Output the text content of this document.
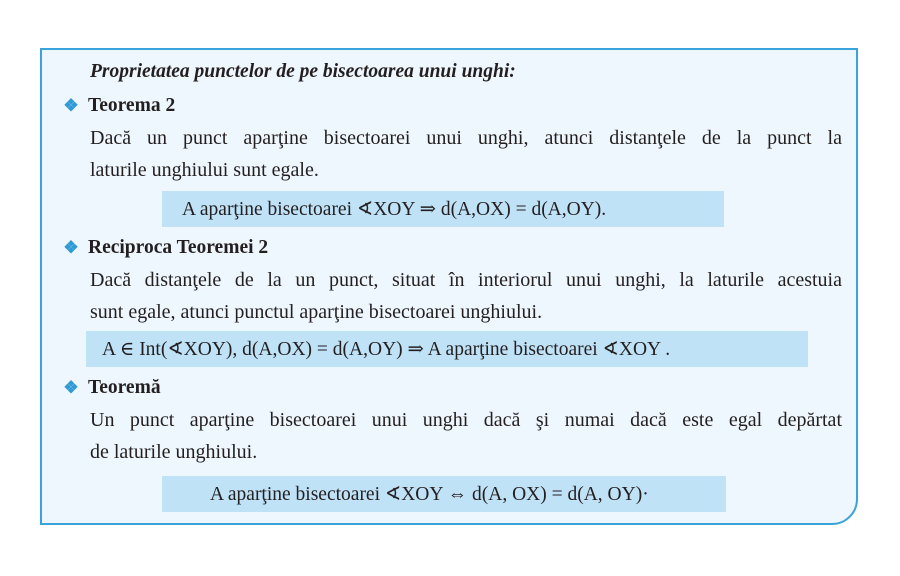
Proprietatea punctelor de pe bisectoarea unui unghi:
❖ Teorema 2
Dacă un punct aparţine bisectoarei unui unghi, atunci distanţele de la punct la
laturile unghiului sunt egale.
A aparţine bisectoarei ∢XOY ⇒ d(A,OX) = d(A,OY).
❖ Reciproca Teoremei 2
Dacă distanţele de la un punct, situat în interiorul unui unghi, la laturile acestuia
sunt egale, atunci punctul aparţine bisectoarei unghiului.
A ∈ Int(∢XOY), d(A,OX) = d(A,OY) ⇒ A aparţine bisectoarei ∢XOY .
❖ Teoremă
Un punct aparţine bisectoarei unui unghi dacă şi numai dacă este egal depărtat
de laturile unghiului.
A aparţine bisectoarei ∢XOY ⇔ d(A, OX) = d(A, OY)·
